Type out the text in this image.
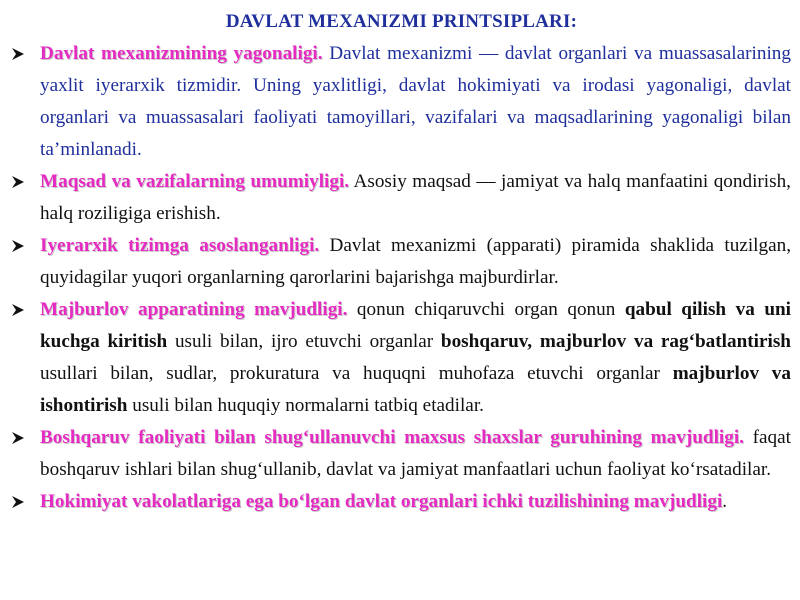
DAVLAT MEXANIZMI PRINTSIPLARI:
Davlat mexanizmining yagonaligi. Davlat mexanizmi — davlat organlari va muassasalarining yaxlit iyerarxik tizmidir. Uning yaxlitligi, davlat hokimiyati va irodasi yagonaligi, davlat organlari va muassasalari faoliyati tamoyillari, vazifalari va maqsadlarining yagonaligi bilan ta’minlanadi.
Maqsad va vazifalarning umumiyligi. Asosiy maqsad — jamiyat va halq manfaatini qondirish, halq roziligiga erishish.
Iyerarxik tizimga asoslanganligi. Davlat mexanizmi (apparati) piramida shaklida tuzilgan, quyidagilar yuqori organlarning qarorlarini bajarishga majburdirlar.
Majburlov apparatining mavjudligi. qonun chiqaruvchi organ qonun qabul qilish va uni kuchga kiritish usuli bilan, ijro etuvchi organlar boshqaruv, majburlov va rag‘batlantirish usullari bilan, sudlar, prokuratura va huquqni muhofaza etuvchi organlar majburlov va ishontirish usuli bilan huquqiy normalarni tatbiq etadilar.
Boshqaruv faoliyati bilan shug‘ullanuvchi maxsus shaxslar guruhining mavjudligi. faqat boshqaruv ishlari bilan shug‘ullanib, davlat va jamiyat manfaatlari uchun faoliyat ko‘rsatadilar.
Hokimiyat vakolatlariga ega bo‘lgan davlat organlari ichki tuzilishining mavjudligi.
